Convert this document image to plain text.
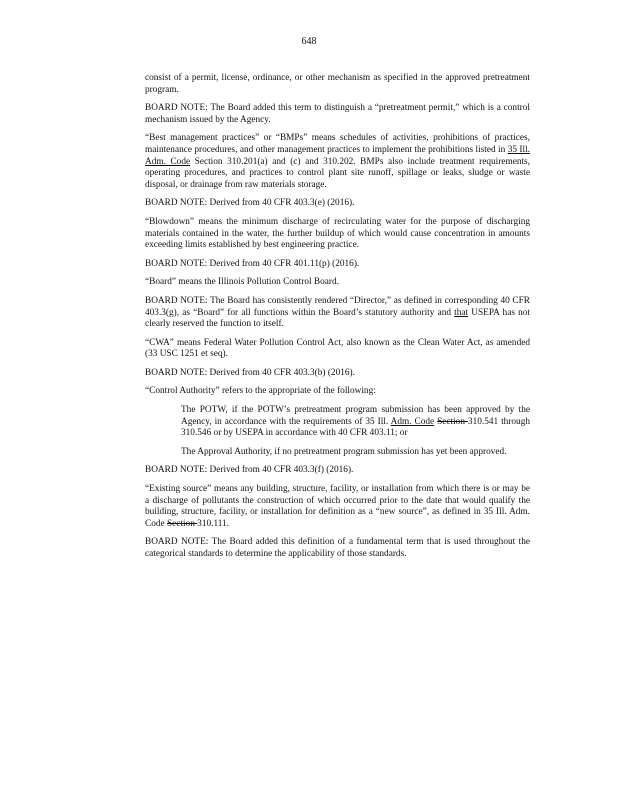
648

consist of a permit, license, ordinance, or other mechanism as specified in the approved pretreatment program.

BOARD NOTE: The Board added this term to distinguish a “pretreatment permit,” which is a control mechanism issued by the Agency.

“Best management practices” or “BMPs” means schedules of activities, prohibitions of practices, maintenance procedures, and other management practices to implement the prohibitions listed in 35 Ill. Adm. Code Section 310.201(a) and (c) and 310.202. BMPs also include treatment requirements, operating procedures, and practices to control plant site runoff, spillage or leaks, sludge or waste disposal, or drainage from raw materials storage.

BOARD NOTE: Derived from 40 CFR 403.3(e) (2016).

“Blowdown” means the minimum discharge of recirculating water for the purpose of discharging materials contained in the water, the further buildup of which would cause concentration in amounts exceeding limits established by best engineering practice.

BOARD NOTE: Derived from 40 CFR 401.11(p) (2016).

“Board” means the Illinois Pollution Control Board.

BOARD NOTE: The Board has consistently rendered “Director,” as defined in corresponding 40 CFR 403.3(g), as “Board” for all functions within the Board’s statutory authority and that USEPA has not clearly reserved the function to itself.

“CWA” means Federal Water Pollution Control Act, also known as the Clean Water Act, as amended (33 USC 1251 et seq).

BOARD NOTE: Derived from 40 CFR 403.3(b) (2016).

“Control Authority” refers to the appropriate of the following:

The POTW, if the POTW’s pretreatment program submission has been approved by the Agency, in accordance with the requirements of 35 Ill. Adm. Code Section 310.541 through 310.546 or by USEPA in accordance with 40 CFR 403.11; or

The Approval Authority, if no pretreatment program submission has yet been approved.

BOARD NOTE: Derived from 40 CFR 403.3(f) (2016).

“Existing source” means any building, structure, facility, or installation from which there is or may be a discharge of pollutants the construction of which occurred prior to the date that would qualify the building, structure, facility, or installation for definition as a “new source”, as defined in 35 Ill. Adm. Code Section 310.111.

BOARD NOTE: The Board added this definition of a fundamental term that is used throughout the categorical standards to determine the applicability of those standards.
